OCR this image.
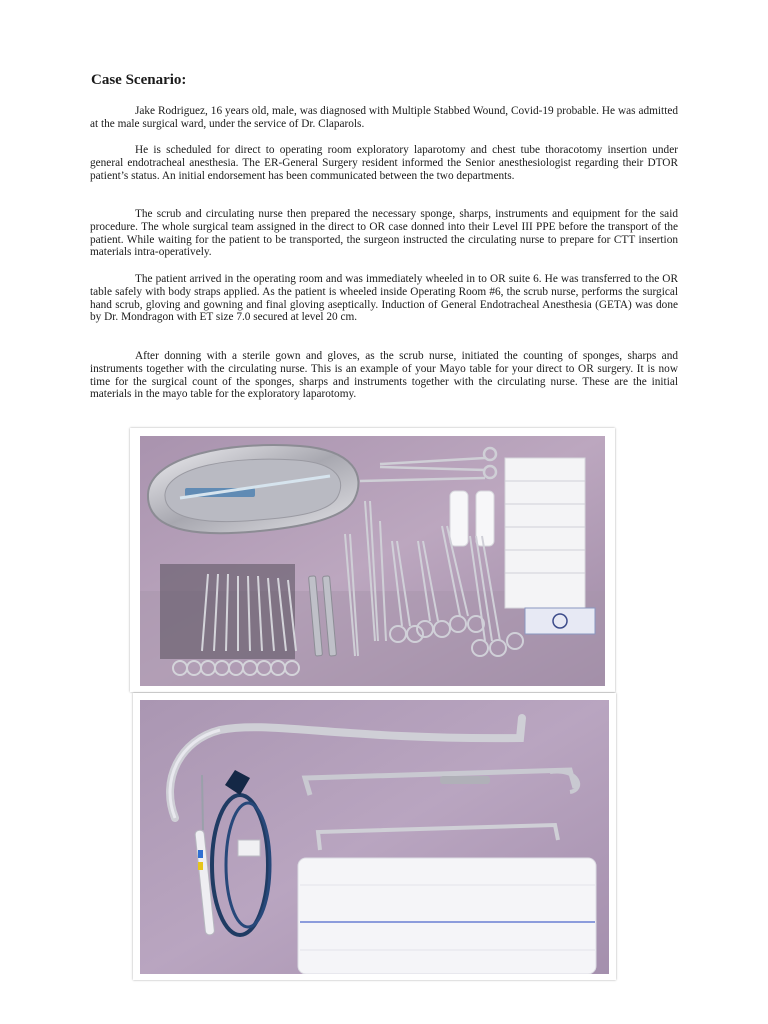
Case Scenario:

Jake Rodriguez, 16 years old, male, was diagnosed with Multiple Stabbed Wound, Covid-19 probable. He was admitted at the male surgical ward, under the service of Dr. Claparols.

He is scheduled for direct to operating room exploratory laparotomy and chest tube thoracotomy insertion under general endotracheal anesthesia. The ER-General Surgery resident informed the Senior anesthesiologist regarding their DTOR patient’s status. An initial endorsement has been communicated between the two departments.

The scrub and circulating nurse then prepared the necessary sponge, sharps, instruments and equipment for the said procedure. The whole surgical team assigned in the direct to OR case donned into their Level III PPE before the transport of the patient. While waiting for the patient to be transported, the surgeon instructed the circulating nurse to prepare for CTT insertion materials intra-operatively.

The patient arrived in the operating room and was immediately wheeled in to OR suite 6. He was transferred to the OR table safely with body straps applied. As the patient is wheeled inside Operating Room #6, the scrub nurse, performs the surgical hand scrub, gloving and gowning and final gloving aseptically. Induction of General Endotracheal Anesthesia (GETA) was done by Dr. Mondragon with ET size 7.0 secured at level 20 cm.

After donning with a sterile gown and gloves, as the scrub nurse, initiated the counting of sponges, sharps and instruments together with the circulating nurse. This is an example of your Mayo table for your direct to OR surgery. It is now time for the surgical count of the sponges, sharps and instruments together with the circulating nurse. These are the initial materials in the mayo table for the exploratory laparotomy.
